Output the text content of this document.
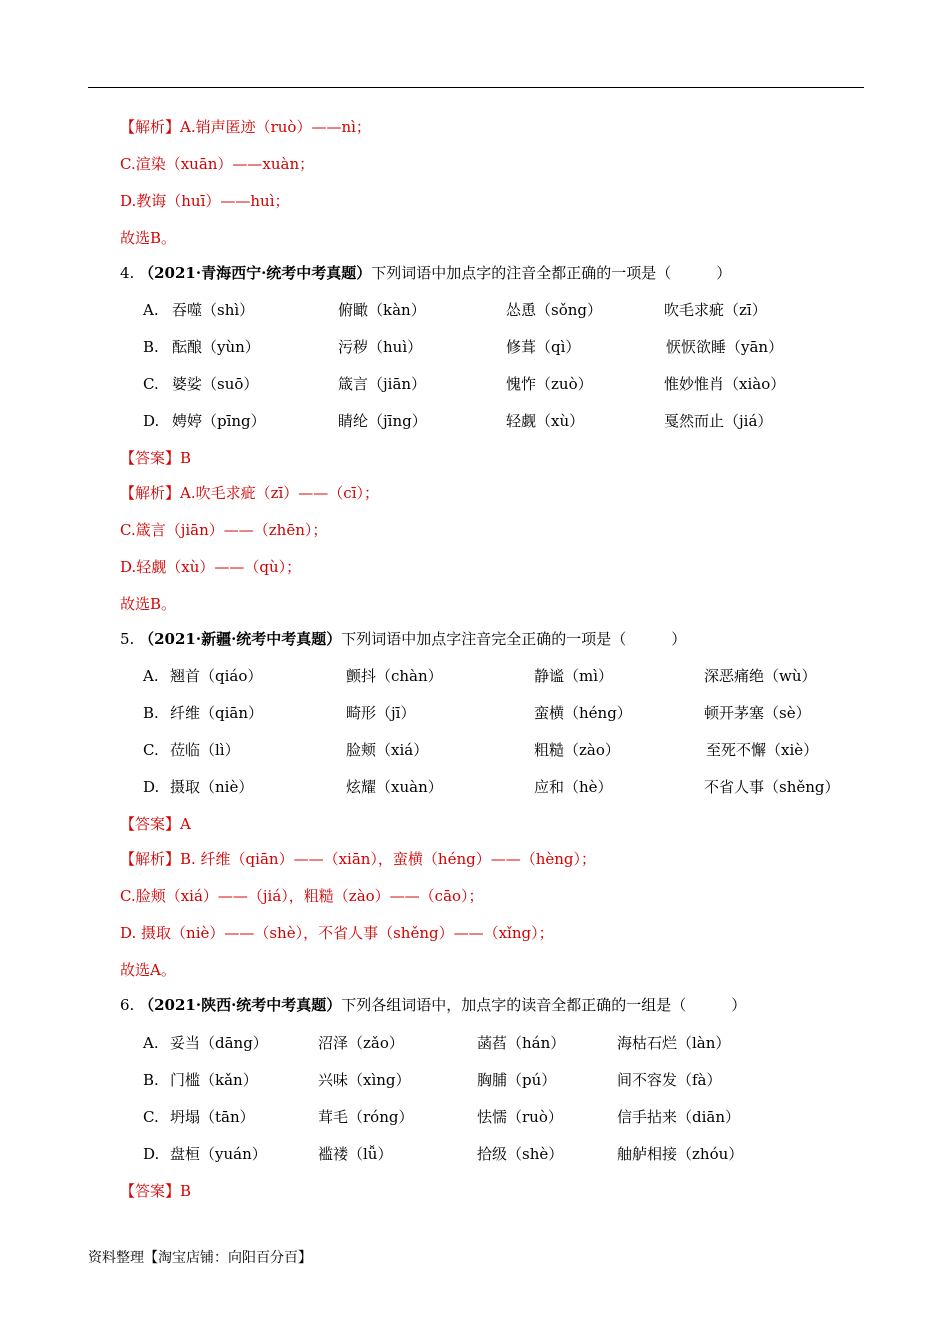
【解析】A.销声匿迹（ruò）——nì；
C.渲染（xuān）——xuàn；
D.教诲（huī）——huì；
故选B。
4. （2021·青海西宁·统考中考真题）下列词语中加点字的注音全都正确的一项是（　　　）
A. 吞噬（shì）	俯瞰（kàn）	怂恿（sǒng）	吹毛求疵（zī）
B. 酝酿（yùn）	污秽（huì）	修葺（qì）	恹恹欲睡（yān）
C. 婆娑（suō）	箴言（jiān）	愧怍（zuò）	惟妙惟肖（xiào）
D. 娉婷（pīng）	睛纶（jīng）	轻觑（xù）	戛然而止（jiá）
【答案】B
【解析】A.吹毛求疵（zī）——（cī）；
C.箴言（jiān）——（zhēn）；
D.轻觑（xù）——（qù）；
故选B。
5. （2021·新疆·统考中考真题）下列词语中加点字注音完全正确的一项是（　　　）
A. 翘首（qiáo）	颤抖（chàn）	静谧（mì）	深恶痛绝（wù）
B. 纤维（qiān）	畸形（jī）	蛮横（héng）	顿开茅塞（sè）
C. 莅临（lì）	脸颊（xiá）	粗糙（zào）	至死不懈（xiè）
D. 摄取（niè）	炫耀（xuàn）	应和（hè）	不省人事（shěng）
【答案】A
【解析】B. 纤维（qiān）——（xiān），蛮横（héng）——（hèng）；
C.脸颊（xiá）——（jiá），粗糙（zào）——（cāo）；
D. 摄取（niè）——（shè），不省人事（shěng）——（xǐng）；
故选A。
6. （2021·陕西·统考中考真题）下列各组词语中，加点字的读音全都正确的一组是（　　　）
A. 妥当（dāng）	沼泽（zǎo）	菡萏（hán）	海枯石烂（làn）
B. 门槛（kǎn）	兴味（xìng）	胸脯（pú）	间不容发（fà）
C. 坍塌（tān）	茸毛（róng）	怯懦（ruò）	信手拈来（diān）
D. 盘桓（yuán）	褴褛（lǚ）	拾级（shè）	舳舻相接（zhóu）
【答案】B
资料整理【淘宝店铺：向阳百分百】
